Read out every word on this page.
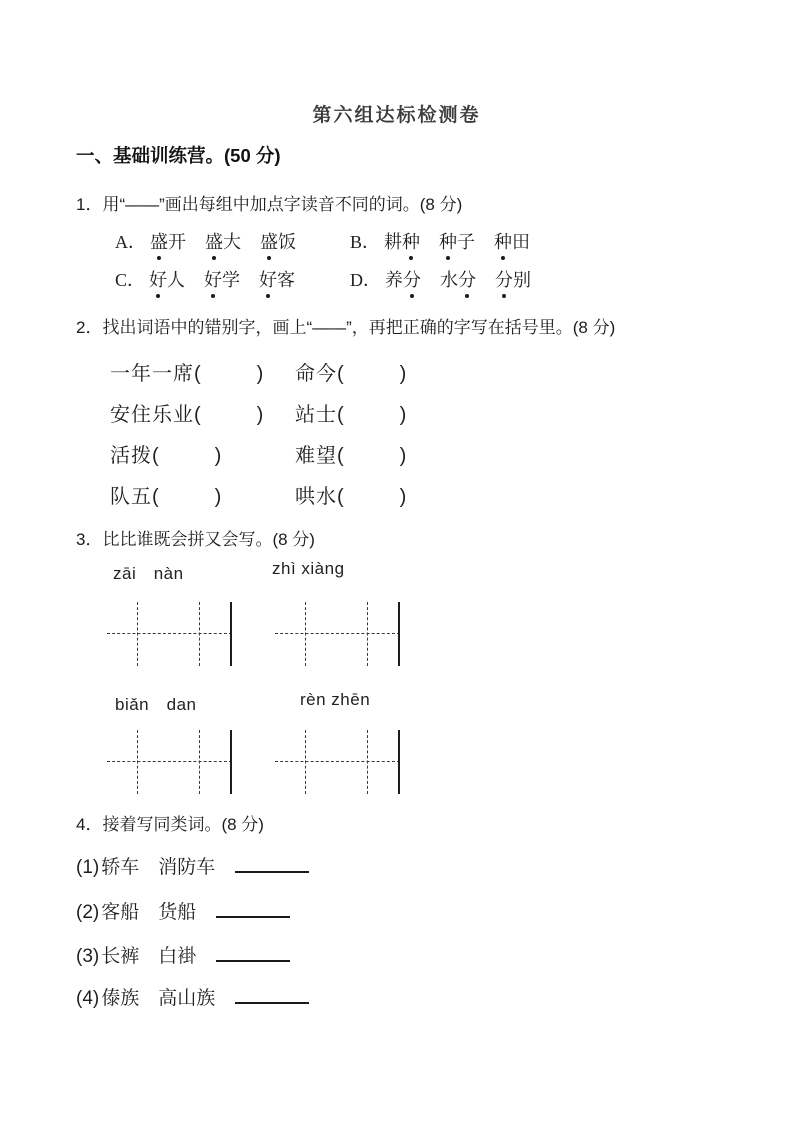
第六组达标检测卷
一、基础训练营。(50 分)
1．用“——”画出每组中加点字读音不同的词。(8 分)
A． 盛开 盛大 盛饭	B． 耕种 种子 种田
C． 好人 好学 好客	D． 养分 水分 分别
2．找出词语中的错别字，画上“——”，再把正确的字写在括号里。(8 分)
一年一席(	) 命今(	)
安住乐业(	) 站士(	)
活拨(	)	难望(	)
队五(	)	哄水(	)
3．比比谁既会拼又会写。(8 分)
zāi　nàn	zhì xiàng
biǎn　dan	rèn zhēn
4．接着写同类词。(8 分)
(1) 轿车　消防车
(2) 客船　货船
(3) 长裤　白褂
(4) 傣族　高山族
